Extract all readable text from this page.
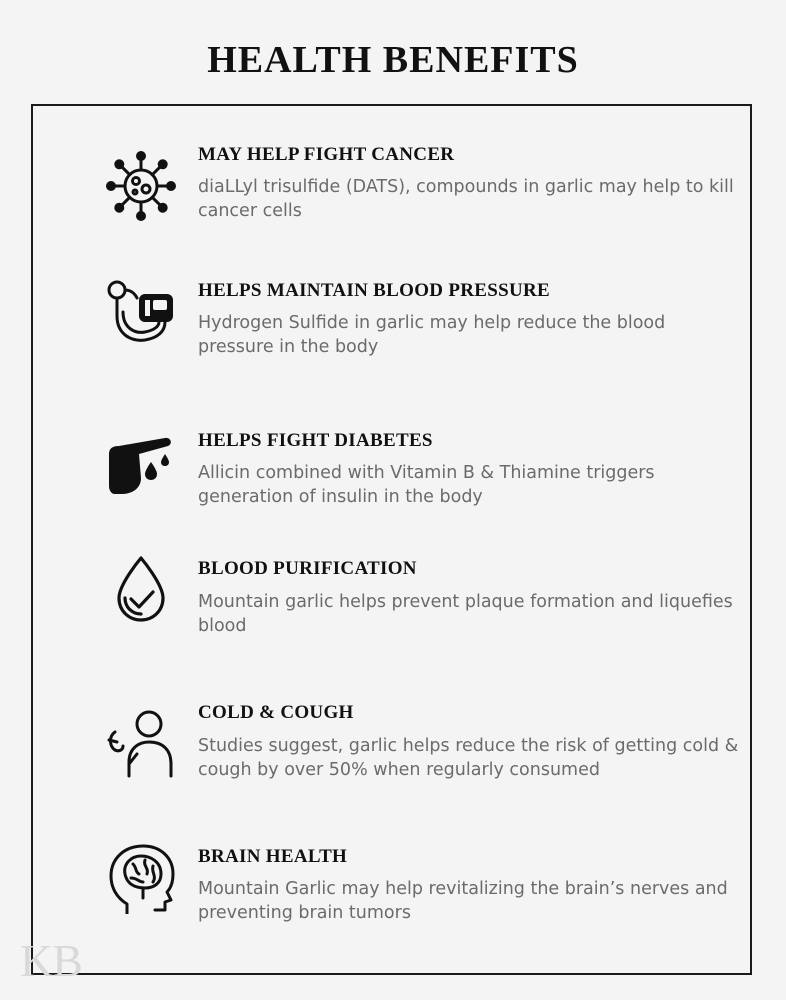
HEALTH BENEFITS
MAY HELP FIGHT CANCER

diaLLyl trisulfide (DATS), compounds in garlic may help to kill cancer cells

HELPS MAINTAIN BLOOD PRESSURE

Hydrogen Sulfide in garlic may help reduce the blood pressure in the body

HELPS FIGHT DIABETES

Allicin combined with Vitamin B & Thiamine triggers generation of insulin in the body

BLOOD PURIFICATION

Mountain garlic helps prevent plaque formation and liquefies blood

COLD & COUGH

Studies suggest, garlic helps reduce the risk of getting cold & cough by over 50% when regularly consumed

BRAIN HEALTH

Mountain Garlic may help revitalizing the brain’s nerves and preventing brain tumors

KB
